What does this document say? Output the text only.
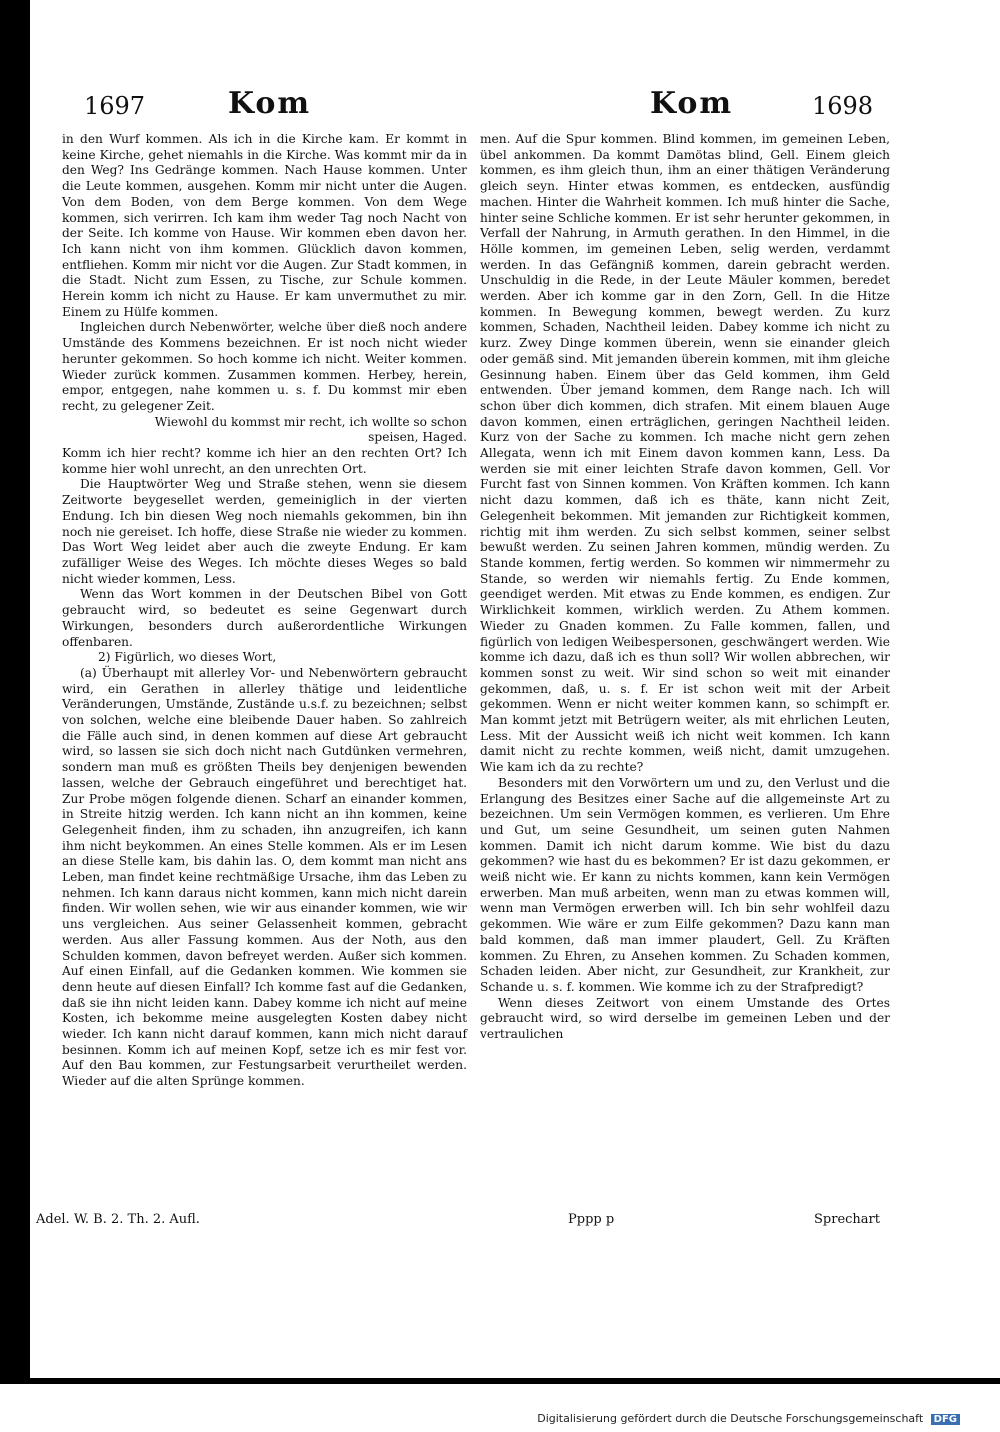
1697	Kom	Kom	1698

in den Wurf kommen. Als ich in die Kirche kam. Er kommt in keine Kirche, gehet niemahls in die Kirche. Was kommt mir da in den Weg? Ins Gedränge kommen. Nach Hause kommen. Unter die Leute kommen, ausgehen. Komm mir nicht unter die Augen. Von dem Boden, von dem Berge kommen. Von dem Wege kommen, sich verirren. Ich kam ihm weder Tag noch Nacht von der Seite. Ich komme von Hause. Wir kommen eben davon her. Ich kann nicht von ihm kommen. Glücklich davon kommen, entfliehen. Komm mir nicht vor die Augen. Zur Stadt kommen, in die Stadt. Nicht zum Essen, zu Tische, zur Schule kommen. Herein komm ich nicht zu Hause. Er kam unvermuthet zu mir. Einem zu Hülfe kommen.

Ingleichen durch Nebenwörter, welche über dieß noch andere Umstände des Kommens bezeichnen. Er ist noch nicht wieder herunter gekommen. So hoch komme ich nicht. Weiter kommen. Wieder zurück kommen. Zusammen kommen. Herbey, herein, empor, entgegen, nahe kommen u. s. f. Du kommst mir eben recht, zu gelegener Zeit.

Wiewohl du kommst mir recht, ich wollte so schon speisen, Haged.

Komm ich hier recht? komme ich hier an den rechten Ort? Ich komme hier wohl unrecht, an den unrechten Ort.

Die Hauptwörter Weg und Straße stehen, wenn sie diesem Zeitworte beygesellet werden, gemeiniglich in der vierten Endung. Ich bin diesen Weg noch niemahls gekommen, bin ihn noch nie gereiset. Ich hoffe, diese Straße nie wieder zu kommen. Das Wort Weg leidet aber auch die zweyte Endung. Er kam zufälliger Weise des Weges. Ich möchte dieses Weges so bald nicht wieder kommen, Less.

Wenn das Wort kommen in der Deutschen Bibel von Gott gebraucht wird, so bedeutet es seine Gegenwart durch Wirkungen, besonders durch außerordentliche Wirkungen offenbaren.

2) Figürlich, wo dieses Wort,

(a) Überhaupt mit allerley Vor- und Nebenwörtern gebraucht wird, ein Gerathen in allerley thätige und leidentliche Veränderungen, Umstände, Zustände u.s.f. zu bezeichnen; selbst von solchen, welche eine bleibende Dauer haben. So zahlreich die Fälle auch sind, in denen kommen auf diese Art gebraucht wird, so lassen sie sich doch nicht nach Gutdünken vermehren, sondern man muß es größten Theils bey denjenigen bewenden lassen, welche der Gebrauch eingeführet und berechtiget hat. Zur Probe mögen folgende dienen. Scharf an einander kommen, in Streite hitzig werden. Ich kann nicht an ihn kommen, keine Gelegenheit finden, ihm zu schaden, ihn anzugreifen, ich kann ihm nicht beykommen. An eines Stelle kommen. Als er im Lesen an diese Stelle kam, bis dahin las. O, dem kommt man nicht ans Leben, man findet keine rechtmäßige Ursache, ihm das Leben zu nehmen. Ich kann daraus nicht kommen, kann mich nicht darein finden. Wir wollen sehen, wie wir aus einander kommen, wie wir uns vergleichen. Aus seiner Gelassenheit kommen, gebracht werden. Aus aller Fassung kommen. Aus der Noth, aus den Schulden kommen, davon befreyet werden. Außer sich kommen. Auf einen Einfall, auf die Gedanken kommen. Wie kommen sie denn heute auf diesen Einfall? Ich komme fast auf die Gedanken, daß sie ihn nicht leiden kann. Dabey komme ich nicht auf meine Kosten, ich bekomme meine ausgelegten Kosten dabey nicht wieder. Ich kann nicht darauf kommen, kann mich nicht darauf besinnen. Komm ich auf meinen Kopf, setze ich es mir fest vor. Auf den Bau kommen, zur Festungsarbeit verurtheilet werden. Wieder auf die alten Sprünge kommen.

Adel. W. B. 2. Th. 2. Aufl.

men. Auf die Spur kommen. Blind kommen, im gemeinen Leben, übel ankommen. Da kommt Damötas blind, Gell. Einem gleich kommen, es ihm gleich thun, ihm an einer thätigen Veränderung gleich seyn. Hinter etwas kommen, es entdecken, ausfündig machen. Hinter die Wahrheit kommen. Ich muß hinter die Sache, hinter seine Schliche kommen. Er ist sehr herunter gekommen, in Verfall der Nahrung, in Armuth gerathen. In den Himmel, in die Hölle kommen, im gemeinen Leben, selig werden, verdammt werden. In das Gefängniß kommen, darein gebracht werden. Unschuldig in die Rede, in der Leute Mäuler kommen, beredet werden. Aber ich komme gar in den Zorn, Gell. In die Hitze kommen. In Bewegung kommen, bewegt werden. Zu kurz kommen, Schaden, Nachtheil leiden. Dabey komme ich nicht zu kurz. Zwey Dinge kommen überein, wenn sie einander gleich oder gemäß sind. Mit jemanden überein kommen, mit ihm gleiche Gesinnung haben. Einem über das Geld kommen, ihm Geld entwenden. Über jemand kommen, dem Range nach. Ich will schon über dich kommen, dich strafen. Mit einem blauen Auge davon kommen, einen erträglichen, geringen Nachtheil leiden. Kurz von der Sache zu kommen. Ich mache nicht gern zehen Allegata, wenn ich mit Einem davon kommen kann, Less. Da werden sie mit einer leichten Strafe davon kommen, Gell. Vor Furcht fast von Sinnen kommen. Von Kräften kommen. Ich kann nicht dazu kommen, daß ich es thäte, kann nicht Zeit, Gelegenheit bekommen. Mit jemanden zur Richtigkeit kommen, richtig mit ihm werden. Zu sich selbst kommen, seiner selbst bewußt werden. Zu seinen Jahren kommen, mündig werden. Zu Stande kommen, fertig werden. So kommen wir nimmermehr zu Stande, so werden wir niemahls fertig. Zu Ende kommen, geendiget werden. Mit etwas zu Ende kommen, es endigen. Zur Wirklichkeit kommen, wirklich werden. Zu Athem kommen. Wieder zu Gnaden kommen. Zu Falle kommen, fallen, und figürlich von ledigen Weibespersonen, geschwängert werden. Wie komme ich dazu, daß ich es thun soll? Wir wollen abbrechen, wir kommen sonst zu weit. Wir sind schon so weit mit einander gekommen, daß, u. s. f. Er ist schon weit mit der Arbeit gekommen. Wenn er nicht weiter kommen kann, so schimpft er. Man kommt jetzt mit Betrügern weiter, als mit ehrlichen Leuten, Less. Mit der Aussicht weiß ich nicht weit kommen. Ich kann damit nicht zu rechte kommen, weiß nicht, damit umzugehen. Wie kam ich da zu rechte?

Besonders mit den Vorwörtern um und zu, den Verlust und die Erlangung des Besitzes einer Sache auf die allgemeinste Art zu bezeichnen. Um sein Vermögen kommen, es verlieren. Um Ehre und Gut, um seine Gesundheit, um seinen guten Nahmen kommen. Damit ich nicht darum komme. Wie bist du dazu gekommen? wie hast du es bekommen? Er ist dazu gekommen, er weiß nicht wie. Er kann zu nichts kommen, kann kein Vermögen erwerben. Man muß arbeiten, wenn man zu etwas kommen will, wenn man Vermögen erwerben will. Ich bin sehr wohlfeil dazu gekommen. Wie wäre er zum Eilfe gekommen? Dazu kann man bald kommen, daß man immer plaudert, Gell. Zu Kräften kommen. Zu Ehren, zu Ansehen kommen. Zu Schaden kommen, Schaden leiden. Aber nicht, zur Gesundheit, zur Krankheit, zur Schande u. s. f. kommen. Wie komme ich zu der Strafpredigt?

Wenn dieses Zeitwort von einem Umstande des Ortes gebraucht wird, so wird derselbe im gemeinen Leben und der vertraulichen

Pppp p	Sprechart
Digitalisierung gefördert durch die Deutsche Forschungsgemeinschaft DFG
